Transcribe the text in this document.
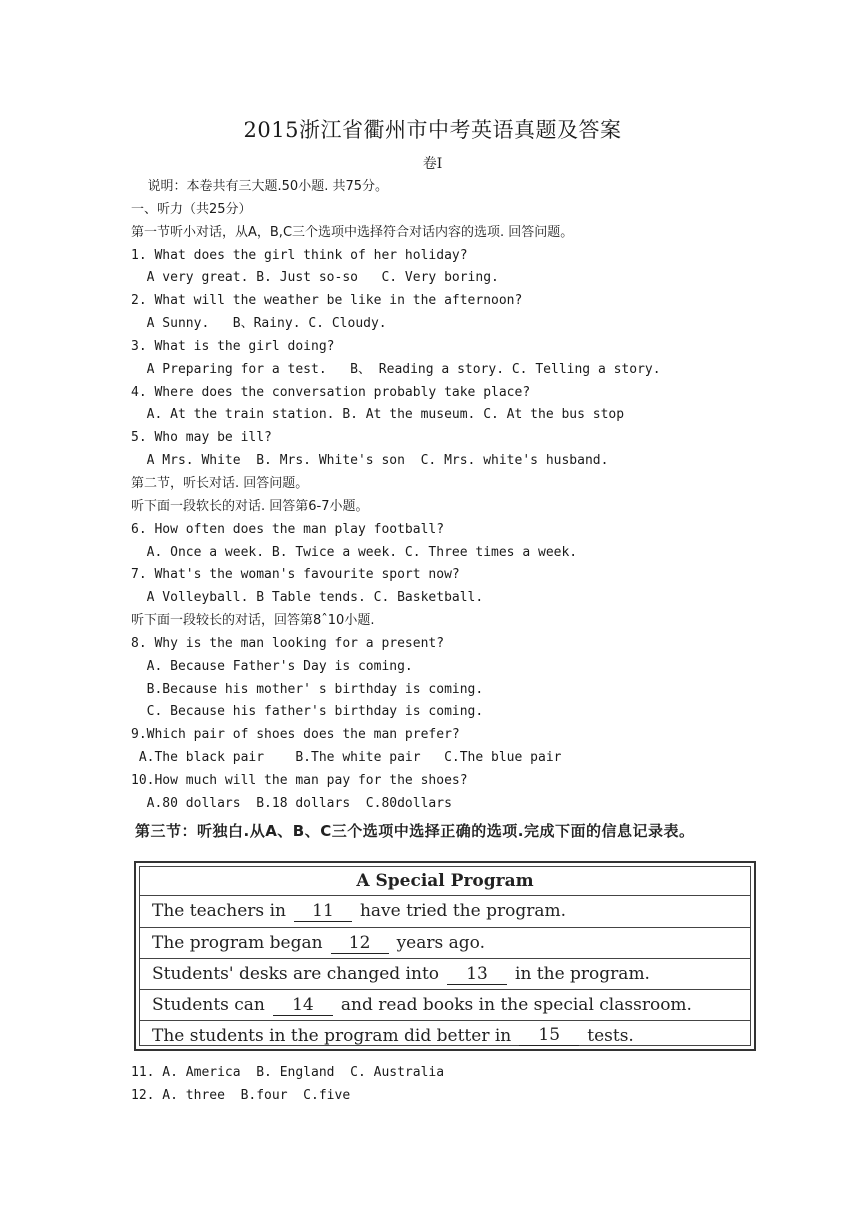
2015浙江省衢州市中考英语真题及答案
卷Ⅰ
说明：本卷共有三大题.50小题. 共75分。
一、听力（共25分）
第一节听小对话，从A，B,C三个选项中选择符合对话内容的选项. 回答问题。
1. What does the girl think of her holiday?
A very great. B. Just so-so   C. Very boring.
2. What will the weather be like in the afternoon?
A Sunny.   B、Rainy. C. Cloudy.
3. What is the girl doing?
A Preparing for a test.   B、 Reading a story. C. Telling a story.
4. Where does the conversation probably take place?
A. At the train station. B. At the museum. C. At the bus stop
5. Who may be ill?
A Mrs. White  B. Mrs. White's son  C. Mrs. white's husband.
第二节，听长对话. 回答问题。
听下面一段软长的对话. 回答第6-7小题。
6. How often does the man play football?
A. Once a week. B. Twice a week. C. Three times a week.
7. What's the woman's favourite sport now?
A Volleyball. B Table tends. C. Basketball.
听下面一段较长的对话，回答第8ˆ10小题.
8. Why is the man looking for a present?
A. Because Father's Day is coming.
B.Because his mother' s birthday is coming.
C. Because his father's birthday is coming.
9.Which pair of shoes does the man prefer?
A.The black pair    B.The white pair   C.The blue pair
10.How much will the man pay for the shoes?
A.80 dollars  B.18 dollars  C.80dollars
第三节：听独白.从A、B、C三个选项中选择正确的选项.完成下面的信息记录表。
A Special Program
The teachers in	11	have tried the program.
The program began	12	years ago.
Students' desks are changed into	13	in the program.
Students can	14	and read books in the special classroom.
The students in the program did better in	15	tests.
11. A. America  B. England  C. Australia
12. A. three  B.four  C.five
